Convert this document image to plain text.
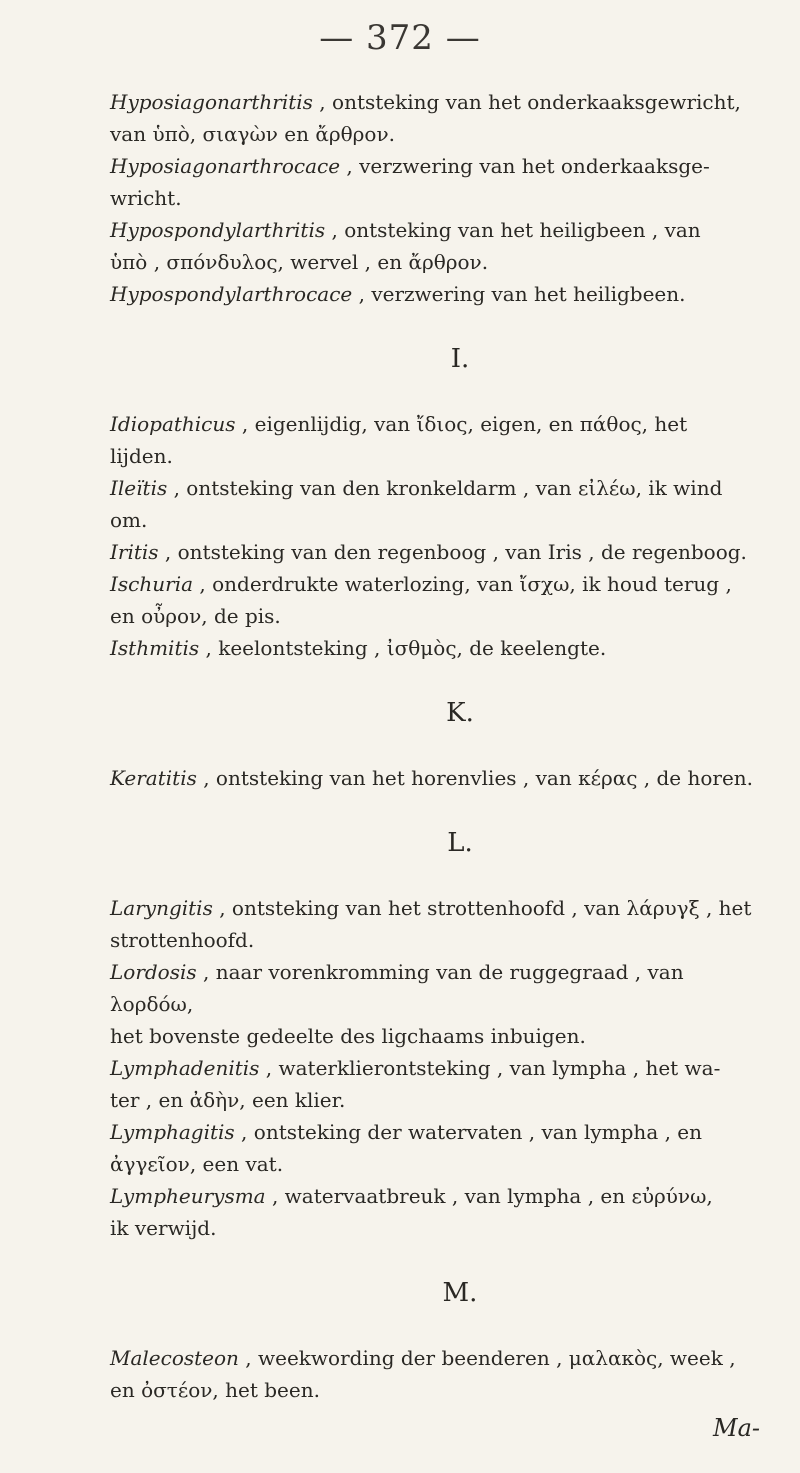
— 372 —

Hyposiagonarthritis , ontsteking van het onderkaaksgewricht,
van ὑπὸ, σιαγὼν en ἄρθρον.

Hyposiagonarthrocace , verzwering van het onderkaaksge-
wricht.

Hypospondylarthritis , ontsteking van het heiligbeen , van
ὑπὸ , σπόνδυλος, wervel , en ἄρθρον.

Hypospondylarthrocace , verzwering van het heiligbeen.

I.

Idiopathicus , eigenlijdig, van ἴδιος, eigen, en πάθος, het
lijden.

Ileïtis , ontsteking van den kronkeldarm , van εἰλέω, ik wind
om.

Iritis , ontsteking van den regenboog , van Iris , de regenboog.

Ischuria , onderdrukte waterlozing, van ἴσχω, ik houd terug ,
en οὖρον, de pis.

Isthmitis , keelontsteking , ἰσθμὸς, de keelengte.

K.

Keratitis , ontsteking van het horenvlies , van κέρας , de horen.

L.

Laryngitis , ontsteking van het strottenhoofd , van λάρυγξ , het
strottenhoofd.

Lordosis , naar vorenkromming van de ruggegraad , van λορδόω,
het bovenste gedeelte des ligchaams inbuigen.

Lymphadenitis , waterklierontsteking , van lympha , het wa-
ter , en ἀδὴν, een klier.

Lymphagitis , ontsteking der watervaten , van lympha , en
ἀγγεῖον, een vat.

Lympheurysma , watervaatbreuk , van lympha , en εὐρύνω,
ik verwijd.

M.

Malecosteon , weekwording der beenderen , μαλακὸς, week ,
en ὀστέον, het been.

Ma-
